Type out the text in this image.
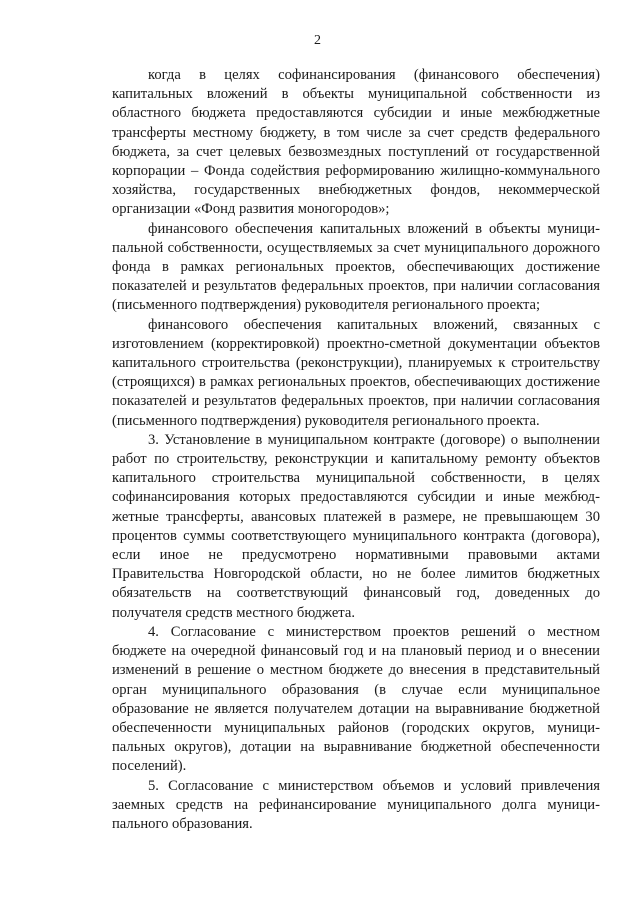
2

когда в целях софинансирования (финансового обеспечения) капитальных вложений в объекты муниципальной собственности из областного бюджета предоставляются субсидии и иные межбюджетные трансферты местному бюджету, в том числе за счет средств федерального бюджета, за счет целевых безвозмездных поступлений от государственной корпорации – Фонда содействия реформированию жилищно-коммунального хозяйства, государственных внебюджетных фондов, некоммерческой организации «Фонд развития моногородов»;

финансового обеспечения капитальных вложений в объекты муниципальной собственности, осуществляемых за счет муниципального дорожного фонда в рамках региональных проектов, обеспечивающих достижение показателей и результатов федеральных проектов, при наличии согласования (письменного подтверждения) руководителя регионального проекта;

финансового обеспечения капитальных вложений, связанных с изготовлением (корректировкой) проектно-сметной документации объектов капитального строительства (реконструкции), планируемых к строительству (строящихся) в рамках региональных проектов, обеспечивающих достижение показателей и результатов федеральных проектов, при наличии согласования (письменного подтверждения) руководителя регионального проекта.

3. Установление в муниципальном контракте (договоре) о выполнении работ по строительству, реконструкции и капитальному ремонту объектов капитального строительства муниципальной собственности, в целях софинансирования которых предоставляются субсидии и иные межбюджетные трансферты, авансовых платежей в размере, не превышающем 30 процентов суммы соответствующего муниципального контракта (договора), если иное не предусмотрено нормативными правовыми актами Правительства Новгородской области, но не более лимитов бюджетных обязательств на соответствующий финансовый год, доведенных до получателя средств местного бюджета.

4. Согласование с министерством проектов решений о местном бюджете на очередной финансовый год и на плановый период и о внесении изменений в решение о местном бюджете до внесения в представительный орган муниципального образования (в случае если муниципальное образование не является получателем дотации на выравнивание бюджетной обеспеченности муниципальных районов (городских округов, муниципальных округов), дотации на выравнивание бюджетной обеспеченности поселений).

5. Согласование с министерством объемов и условий привлечения заемных средств на рефинансирование муниципального долга муниципального образования.
